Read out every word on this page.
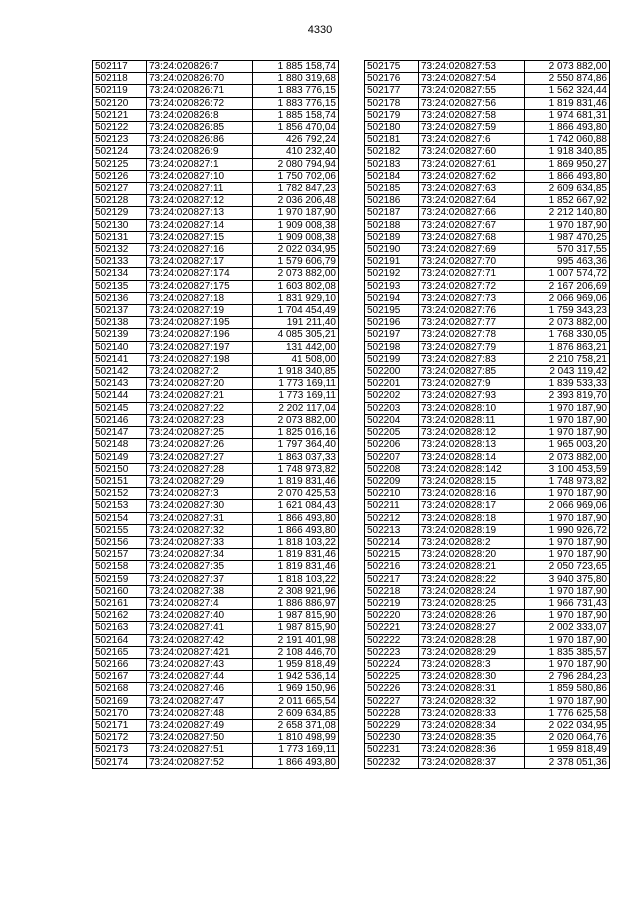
4330
502117	73:24:020826:7	1 885 158,74
502118	73:24:020826:70	1 880 319,68
502119	73:24:020826:71	1 883 776,15
502120	73:24:020826:72	1 883 776,15
502121	73:24:020826:8	1 885 158,74
502122	73:24:020826:85	1 856 470,04
502123	73:24:020826:86	426 792,24
502124	73:24:020826:9	410 232,40
502125	73:24:020827:1	2 080 794,94
502126	73:24:020827:10	1 750 702,06
502127	73:24:020827:11	1 782 847,23
502128	73:24:020827:12	2 036 206,48
502129	73:24:020827:13	1 970 187,90
502130	73:24:020827:14	1 909 008,38
502131	73:24:020827:15	1 909 008,38
502132	73:24:020827:16	2 022 034,95
502133	73:24:020827:17	1 579 606,79
502134	73:24:020827:174	2 073 882,00
502135	73:24:020827:175	1 603 802,08
502136	73:24:020827:18	1 831 929,10
502137	73:24:020827:19	1 704 454,49
502138	73:24:020827:195	191 211,40
502139	73:24:020827:196	4 085 305,21
502140	73:24:020827:197	131 442,00
502141	73:24:020827:198	41 508,00
502142	73:24:020827:2	1 918 340,85
502143	73:24:020827:20	1 773 169,11
502144	73:24:020827:21	1 773 169,11
502145	73:24:020827:22	2 202 117,04
502146	73:24:020827:23	2 073 882,00
502147	73:24:020827:25	1 825 016,16
502148	73:24:020827:26	1 797 364,40
502149	73:24:020827:27	1 863 037,33
502150	73:24:020827:28	1 748 973,82
502151	73:24:020827:29	1 819 831,46
502152	73:24:020827:3	2 070 425,53
502153	73:24:020827:30	1 621 084,43
502154	73:24:020827:31	1 866 493,80
502155	73:24:020827:32	1 866 493,80
502156	73:24:020827:33	1 818 103,22
502157	73:24:020827:34	1 819 831,46
502158	73:24:020827:35	1 819 831,46
502159	73:24:020827:37	1 818 103,22
502160	73:24:020827:38	2 308 921,96
502161	73:24:020827:4	1 886 886,97
502162	73:24:020827:40	1 987 815,90
502163	73:24:020827:41	1 987 815,90
502164	73:24:020827:42	2 191 401,98
502165	73:24:020827:421	2 108 446,70
502166	73:24:020827:43	1 959 818,49
502167	73:24:020827:44	1 942 536,14
502168	73:24:020827:46	1 969 150,96
502169	73:24:020827:47	2 011 665,54
502170	73:24:020827:48	2 609 634,85
502171	73:24:020827:49	2 658 371,08
502172	73:24:020827:50	1 810 498,99
502173	73:24:020827:51	1 773 169,11
502174	73:24:020827:52	1 866 493,80
502175	73:24:020827:53	2 073 882,00
502176	73:24:020827:54	2 550 874,86
502177	73:24:020827:55	1 562 324,44
502178	73:24:020827:56	1 819 831,46
502179	73:24:020827:58	1 974 681,31
502180	73:24:020827:59	1 866 493,80
502181	73:24:020827:6	1 742 060,88
502182	73:24:020827:60	1 918 340,85
502183	73:24:020827:61	1 869 950,27
502184	73:24:020827:62	1 866 493,80
502185	73:24:020827:63	2 609 634,85
502186	73:24:020827:64	1 852 667,92
502187	73:24:020827:66	2 212 140,80
502188	73:24:020827:67	1 970 187,90
502189	73:24:020827:68	1 987 470,25
502190	73:24:020827:69	570 317,55
502191	73:24:020827:70	995 463,36
502192	73:24:020827:71	1 007 574,72
502193	73:24:020827:72	2 167 206,69
502194	73:24:020827:73	2 066 969,06
502195	73:24:020827:76	1 759 343,23
502196	73:24:020827:77	2 073 882,00
502197	73:24:020827:78	1 768 330,05
502198	73:24:020827:79	1 876 863,21
502199	73:24:020827:83	2 210 758,21
502200	73:24:020827:85	2 043 119,42
502201	73:24:020827:9	1 839 533,33
502202	73:24:020827:93	2 393 819,70
502203	73:24:020828:10	1 970 187,90
502204	73:24:020828:11	1 970 187,90
502205	73:24:020828:12	1 970 187,90
502206	73:24:020828:13	1 965 003,20
502207	73:24:020828:14	2 073 882,00
502208	73:24:020828:142	3 100 453,59
502209	73:24:020828:15	1 748 973,82
502210	73:24:020828:16	1 970 187,90
502211	73:24:020828:17	2 066 969,06
502212	73:24:020828:18	1 970 187,90
502213	73:24:020828:19	1 990 926,72
502214	73:24:020828:2	1 970 187,90
502215	73:24:020828:20	1 970 187,90
502216	73:24:020828:21	2 050 723,65
502217	73:24:020828:22	3 940 375,80
502218	73:24:020828:24	1 970 187,90
502219	73:24:020828:25	1 966 731,43
502220	73:24:020828:26	1 970 187,90
502221	73:24:020828:27	2 002 333,07
502222	73:24:020828:28	1 970 187,90
502223	73:24:020828:29	1 835 385,57
502224	73:24:020828:3	1 970 187,90
502225	73:24:020828:30	2 796 284,23
502226	73:24:020828:31	1 859 580,86
502227	73:24:020828:32	1 970 187,90
502228	73:24:020828:33	1 776 625,58
502229	73:24:020828:34	2 022 034,95
502230	73:24:020828:35	2 020 064,76
502231	73:24:020828:36	1 959 818,49
502232	73:24:020828:37	2 378 051,36
